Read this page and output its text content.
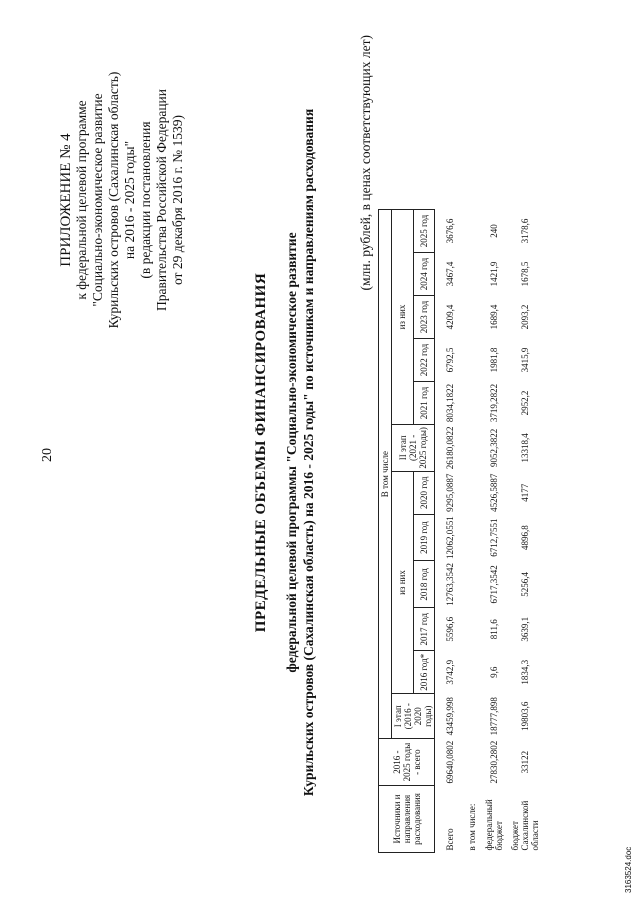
20
ПРИЛОЖЕНИЕ № 4 к федеральной целевой программе "Социально-экономическое развитие Курильских островов (Сахалинская область) на 2016 - 2025 годы" (в редакции постановления Правительства Российской Федерации от 29 декабря 2016 г. № 1539)
ПРЕДЕЛЬНЫЕ ОБЪЕМЫ ФИНАНСИРОВАНИЯ федеральной целевой программы "Социально-экономическое развитие Курильских островов (Сахалинская область) на 2016 - 2025 годы" по источникам и направлениям расходования	(млн. рублей, в ценах соответствующих лет)
Источники и направления расходования	2016 - 2025 годы - всего	В том числе											
		I этап (2016 - 2020 годы)	из них					II этап (2021 - 2025 годы)	из них				
			2016 год*	2017 год	2018 год	2019 год	2020 год		2021 год	2022 год	2023 год	2024 год	2025 год
Всего	69640,0802	43459,998	3742,9	5596,6	12763,3542	12062,0551	9295,0887	26180,0822	8034,1822	6792,5	4209,4	3467,4	3676,6
в том числе:													
федеральный бюджет	27830,2802	18777,898	9,6	811,6	6717,3542	6712,7551	4526,5887	9052,3822	3719,2822	1981,8	1689,4	1421,9	240
бюджет Сахалинской области	33122	19803,6	1834,3	3639,1	5256,4	4896,8	4177	13318,4	2952,2	3415,9	2093,2	1678,5	3178,6
3163524.doc
